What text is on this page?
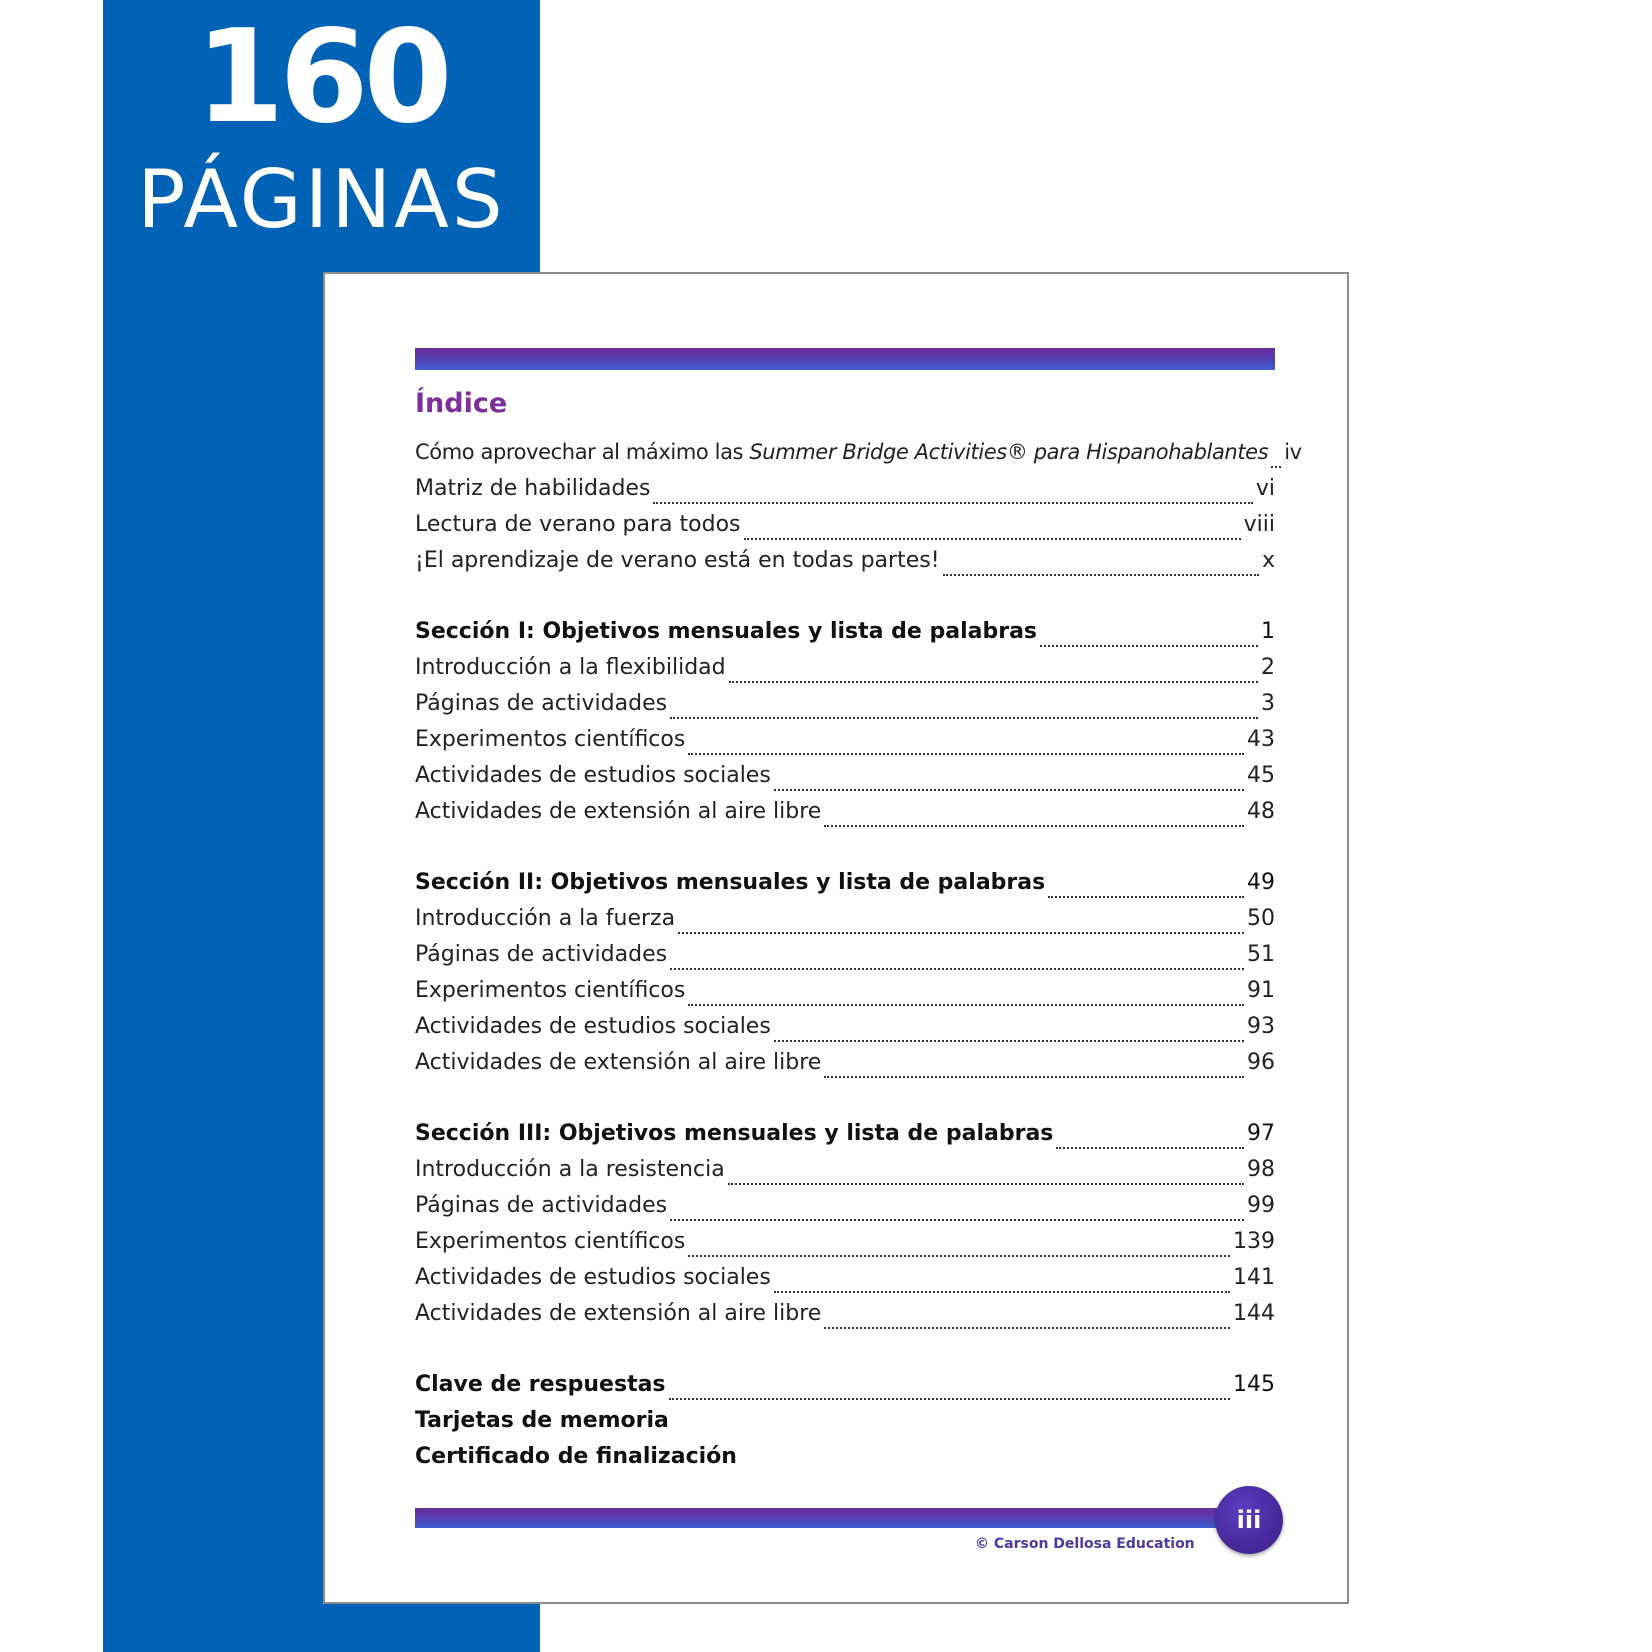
160
PÁGINAS
Índice
Cómo aprovechar al máximo las Summer Bridge Activities® para Hispanohablantes iv
Matriz de habilidades	vi
Lectura de verano para todos	viii
¡El aprendizaje de verano está en todas partes!	x
Sección I: Objetivos mensuales y lista de palabras	1
Introducción a la flexibilidad	2
Páginas de actividades	3
Experimentos científicos	43
Actividades de estudios sociales	45
Actividades de extensión al aire libre	48
Sección II: Objetivos mensuales y lista de palabras	49
Introducción a la fuerza	50
Páginas de actividades	51
Experimentos científicos	91
Actividades de estudios sociales	93
Actividades de extensión al aire libre	96
Sección III: Objetivos mensuales y lista de palabras	97
Introducción a la resistencia	98
Páginas de actividades	99
Experimentos científicos	139
Actividades de estudios sociales	141
Actividades de extensión al aire libre	144
Clave de respuestas	145
Tarjetas de memoria
Certificado de finalización
iii
© Carson Dellosa Education
